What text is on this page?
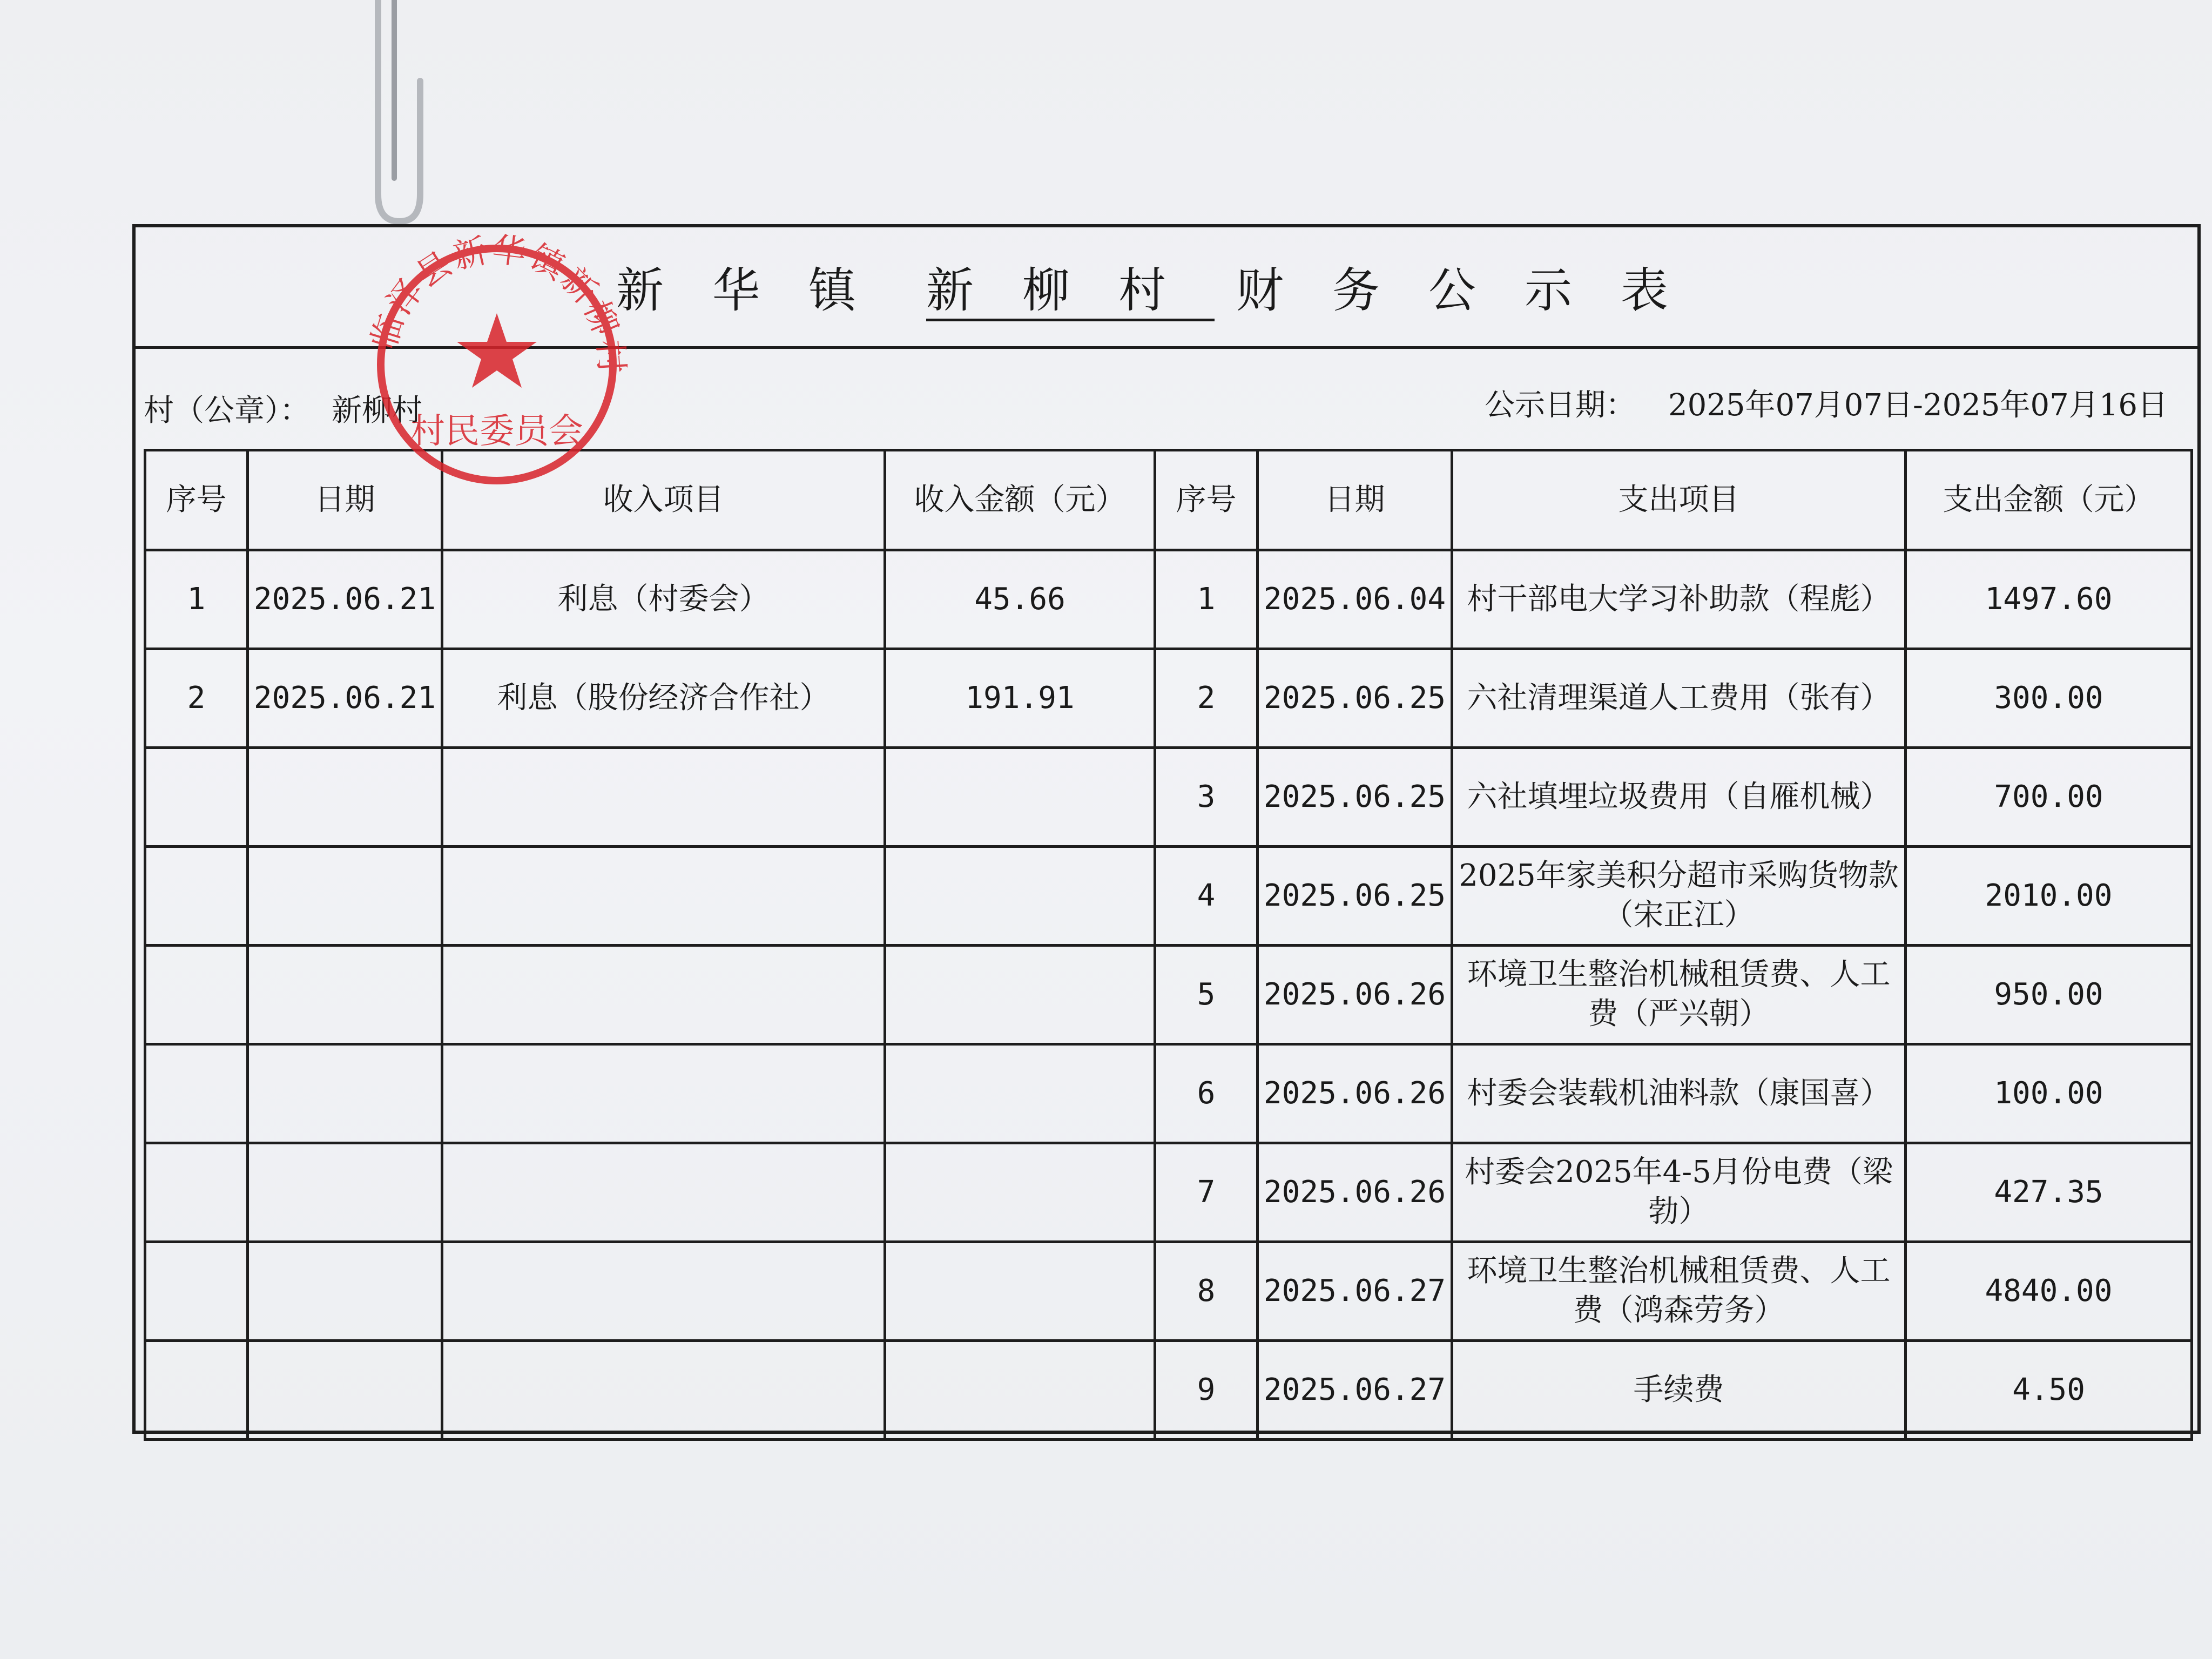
新华镇 新柳村 财务公示表
村（公章）： 新柳村	公示日期： 2025年07月07日-2025年07月16日
序号	日期	收入项目	收入金额（元）	序号	日期	支出项目	支出金额（元）
1	2025.06.21	利息（村委会）	45.66	1	2025.06.04	村干部电大学习补助款（程彪）	1497.60
2	2025.06.21	利息（股份经济合作社）	191.91	2	2025.06.25	六社清理渠道人工费用（张有）	300.00
				3	2025.06.25	六社填埋垃圾费用（自雁机械）	700.00
				4	2025.06.25	2025年家美积分超市采购货物款（宋正江）	2010.00
				5	2025.06.26	环境卫生整治机械租赁费、人工费（严兴朝）	950.00
				6	2025.06.26	村委会装载机油料款（康国喜）	100.00
				7	2025.06.26	村委会2025年4-5月份电费（梁勃）	427.35
				8	2025.06.27	环境卫生整治机械租赁费、人工费（鸿森劳务）	4840.00
				9	2025.06.27	手续费	4.50
临泽县新华镇新柳村
村民委员会
